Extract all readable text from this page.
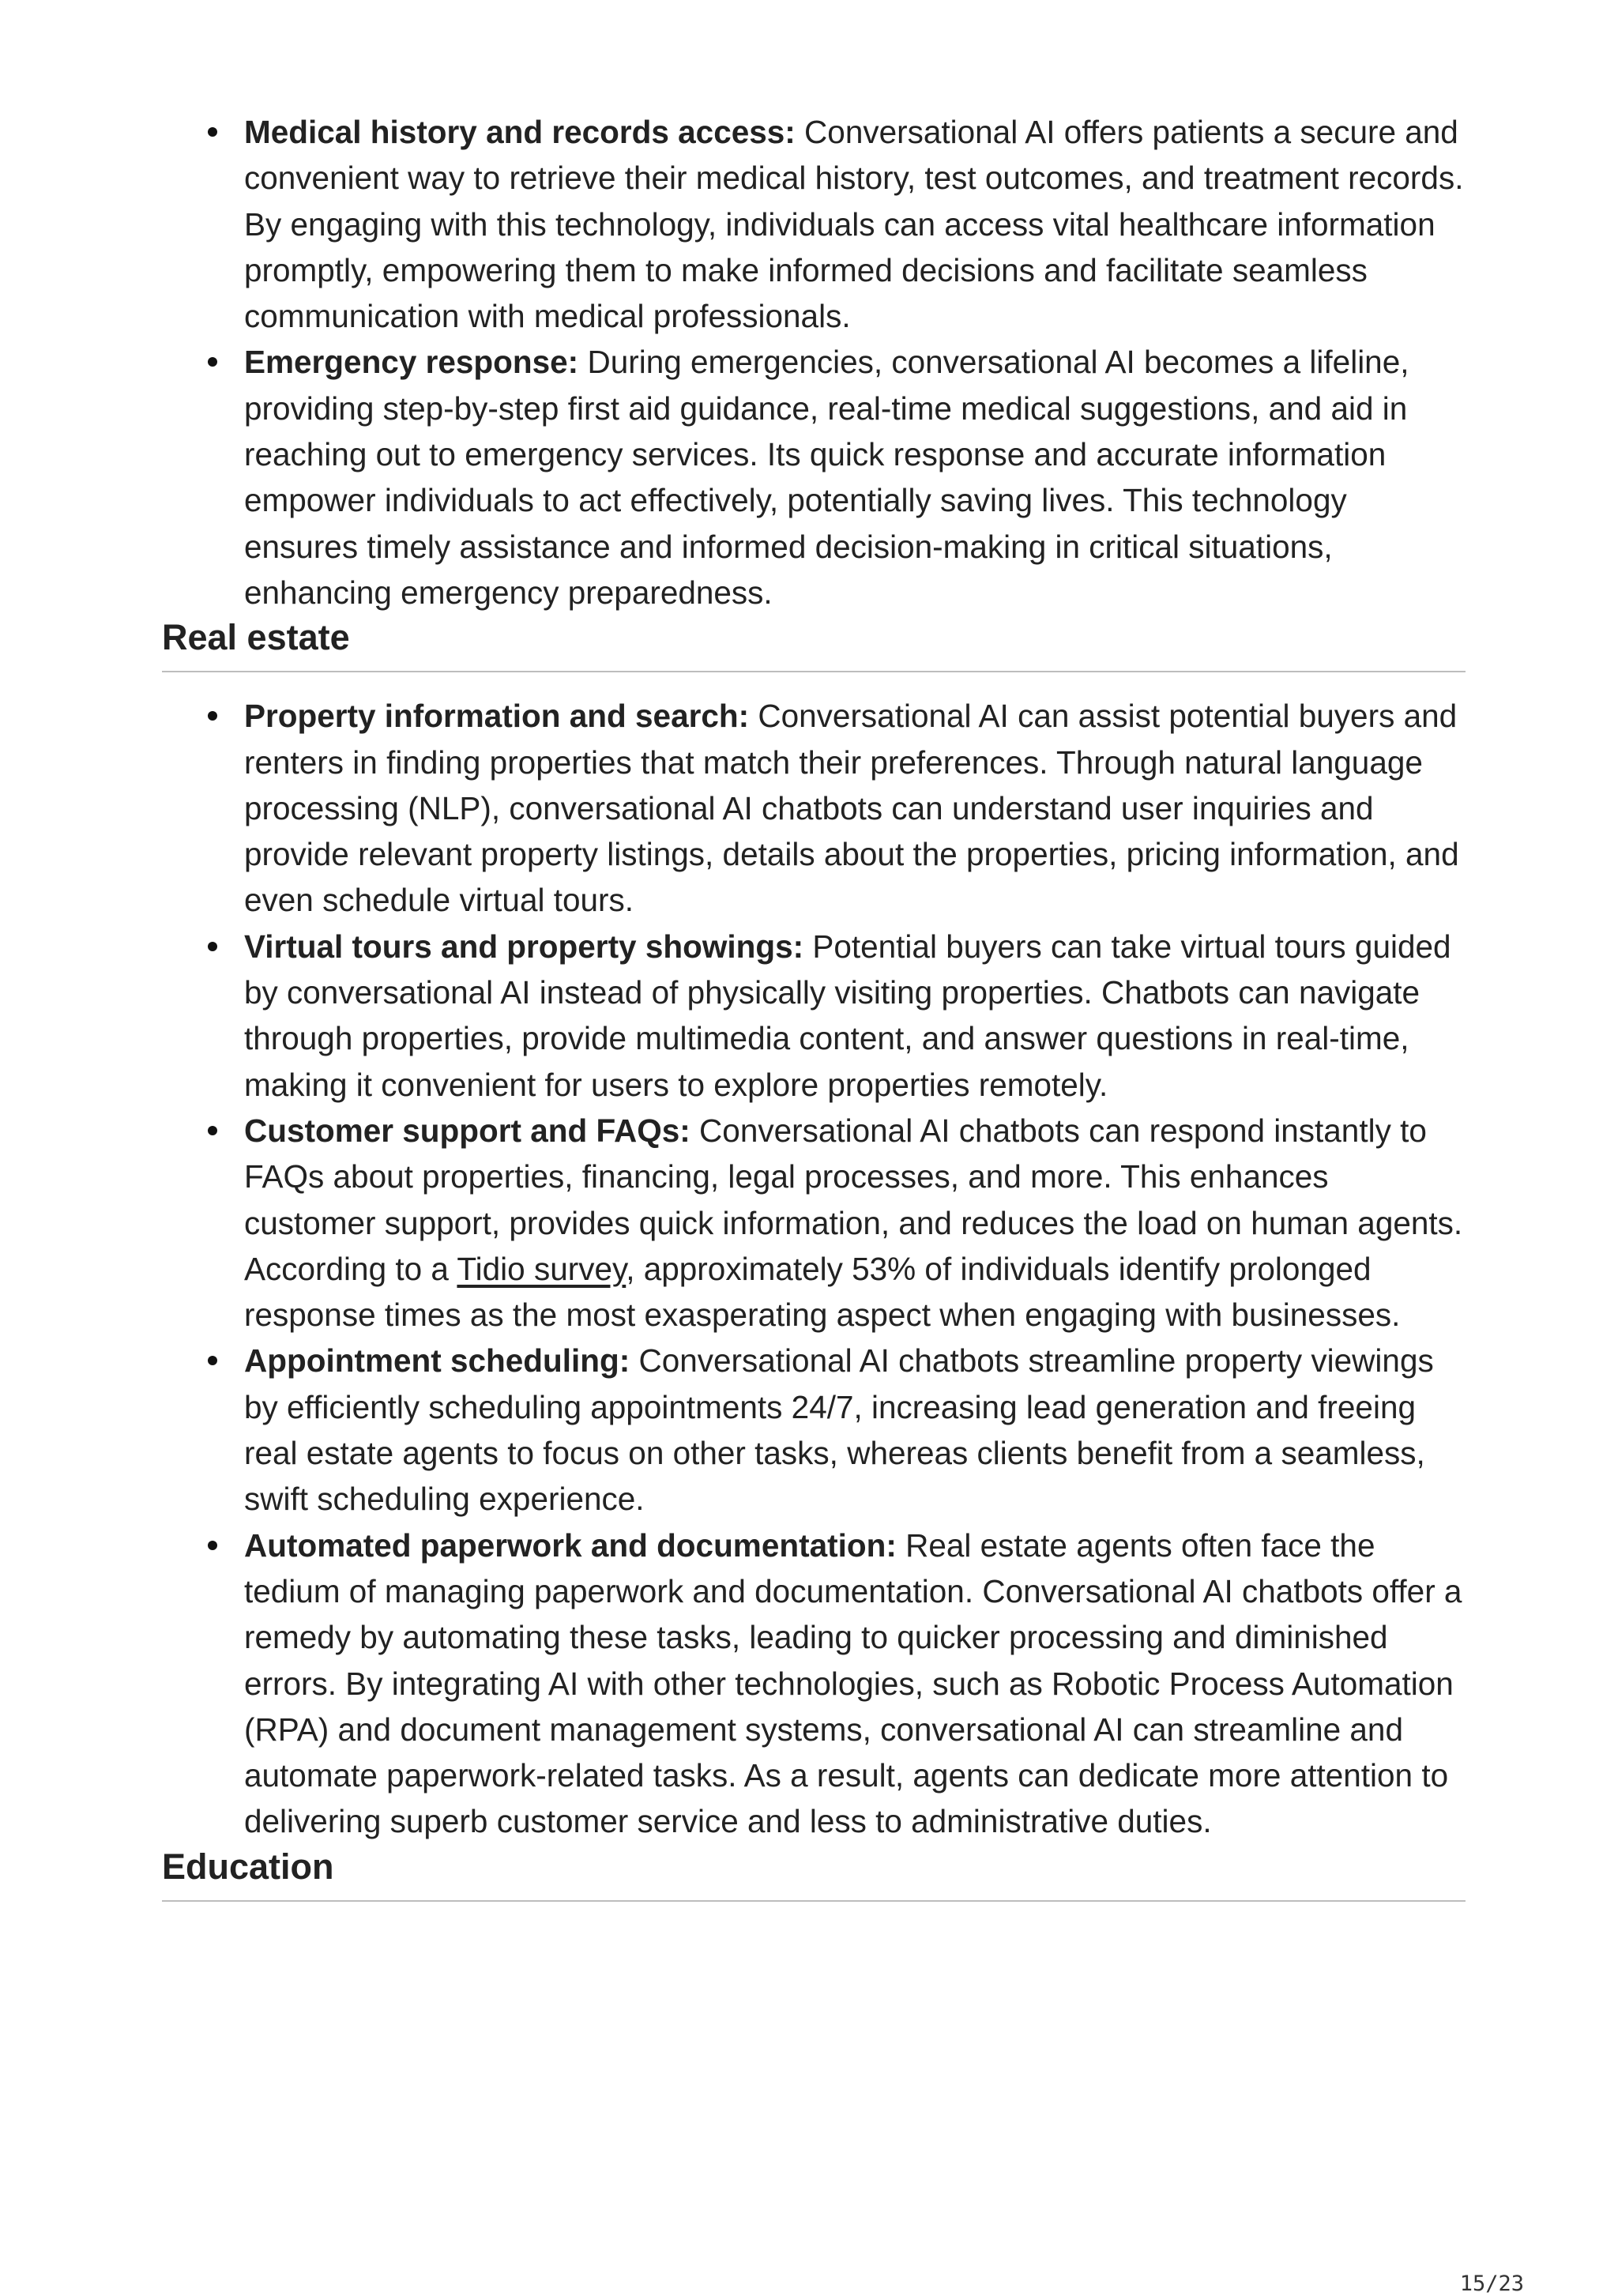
Medical history and records access: Conversational AI offers patients a secure and convenient way to retrieve their medical history, test outcomes, and treatment records. By engaging with this technology, individuals can access vital healthcare information promptly, empowering them to make informed decisions and facilitate seamless communication with medical professionals.
Emergency response: During emergencies, conversational AI becomes a lifeline, providing step-by-step first aid guidance, real-time medical suggestions, and aid in reaching out to emergency services. Its quick response and accurate information empower individuals to act effectively, potentially saving lives. This technology ensures timely assistance and informed decision-making in critical situations, enhancing emergency preparedness.
Real estate
Property information and search: Conversational AI can assist potential buyers and renters in finding properties that match their preferences. Through natural language processing (NLP), conversational AI chatbots can understand user inquiries and provide relevant property listings, details about the properties, pricing information, and even schedule virtual tours.
Virtual tours and property showings: Potential buyers can take virtual tours guided by conversational AI instead of physically visiting properties. Chatbots can navigate through properties, provide multimedia content, and answer questions in real-time, making it convenient for users to explore properties remotely.
Customer support and FAQs: Conversational AI chatbots can respond instantly to FAQs about properties, financing, legal processes, and more. This enhances customer support, provides quick information, and reduces the load on human agents. According to a Tidio survey, approximately 53% of individuals identify prolonged response times as the most exasperating aspect when engaging with businesses.
Appointment scheduling: Conversational AI chatbots streamline property viewings by efficiently scheduling appointments 24/7, increasing lead generation and freeing real estate agents to focus on other tasks, whereas clients benefit from a seamless, swift scheduling experience.
Automated paperwork and documentation: Real estate agents often face the tedium of managing paperwork and documentation. Conversational AI chatbots offer a remedy by automating these tasks, leading to quicker processing and diminished errors. By integrating AI with other technologies, such as Robotic Process Automation (RPA) and document management systems, conversational AI can streamline and automate paperwork-related tasks. As a result, agents can dedicate more attention to delivering superb customer service and less to administrative duties.
Education
15/23
